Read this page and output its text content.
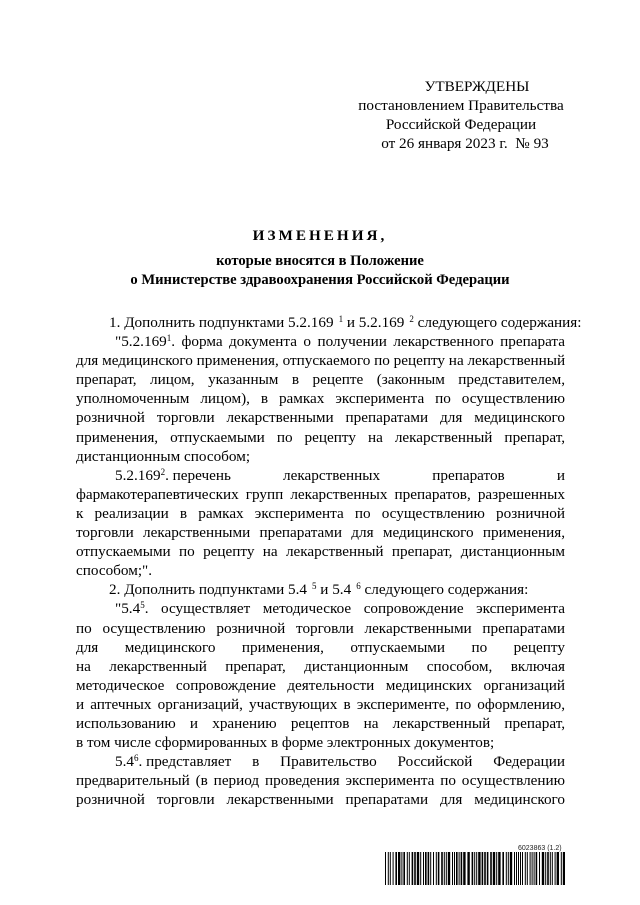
УТВЕРЖДЕНЫ
постановлением Правительства
Российской Федерации
от 26 января 2023 г.  № 93
ИЗМЕНЕНИЯ,
которые вносятся в Положение
о Министерстве здравоохранения Российской Федерации
1. Дополнить подпунктами 5.2.169 $^1$ и 5.2.169 $^2$ следующего содержания:
"5.2.169$^1$. форма документа о получении лекарственного препарата
для медицинского применения, отпускаемого по рецепту на лекарственный
препарат, лицом, указанным в рецепте (законным представителем,
уполномоченным лицом), в рамках эксперимента по осуществлению
розничной торговли лекарственными препаратами для медицинского
применения, отпускаемыми по рецепту на лекарственный препарат,
дистанционным способом;
5.2.169$^2$. перечень	лекарственных	препаратов	и
фармакотерапевтических групп лекарственных препаратов, разрешенных
к реализации в рамках эксперимента по осуществлению розничной
торговли лекарственными препаратами для медицинского применения,
отпускаемыми по рецепту на лекарственный препарат, дистанционным
способом;".
2. Дополнить подпунктами 5.4 $^5$ и 5.4 $^6$ следующего содержания:
"$5.4^5$. осуществляет методическое сопровождение эксперимента
по осуществлению розничной торговли лекарственными препаратами
для медицинского применения, отпускаемыми по рецепту
на лекарственный препарат, дистанционным способом, включая
методическое сопровождение деятельности медицинских организаций
и аптечных организаций, участвующих в эксперименте, по оформлению,
использованию и хранению рецептов на лекарственный препарат,
в том числе сформированных в форме электронных документов;
$5.4^6$. представляет в Правительство Российской Федерации
предварительный (в период проведения эксперимента по осуществлению
розничной торговли лекарственными препаратами для медицинского
6023863 (1.2)
